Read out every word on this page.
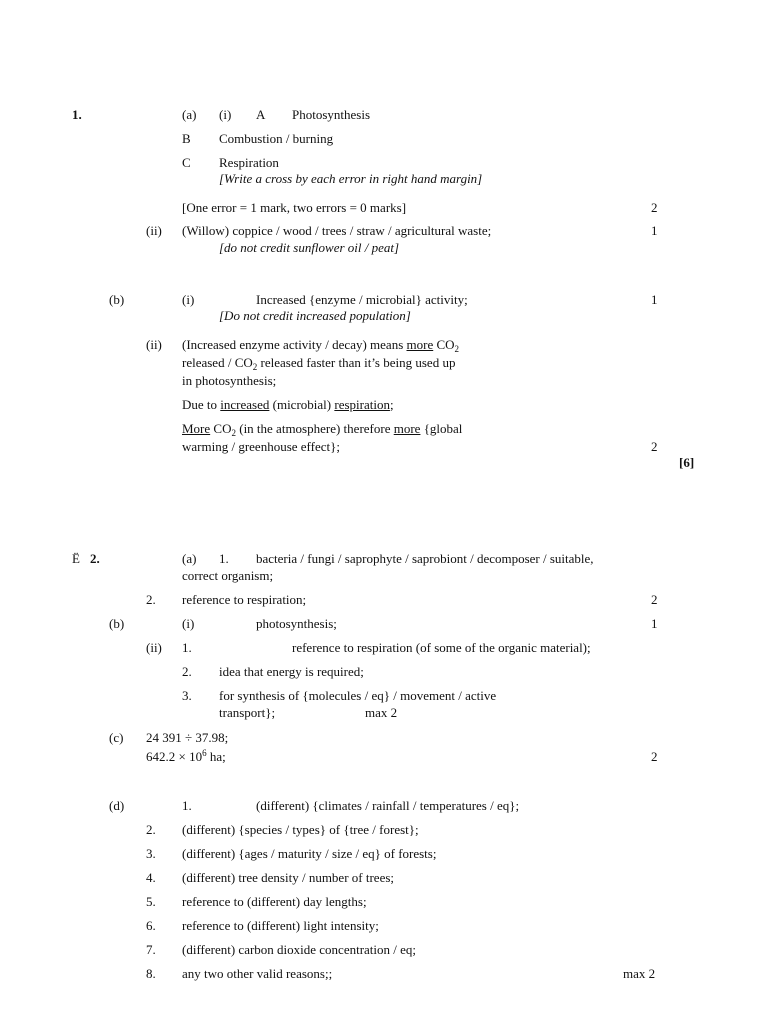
1.	(a) (i) A Photosynthesis
B Combustion / burning
C Respiration
[Write a cross by each error in right hand margin]
[One error = 1 mark, two errors = 0 marks]	2
(ii) (Willow) coppice / wood / trees / straw / agricultural waste;	1
[do not credit sunflower oil / peat]
(b)	(i)	Increased {enzyme / microbial} activity;	1
[Do not credit increased population]
(ii) (Increased enzyme activity / decay) means more $CO_2$
released / $CO_2$ released faster than it’s being used up
in photosynthesis;
Due to increased (microbial) respiration;
More $CO_2$ (in the atmosphere) therefore more {global
warming / greenhouse effect};	2
[6]
Ë 2.	(a) 1. bacteria / fungi / saprophyte / saprobiont / decomposer / suitable,
correct organism;
2. reference to respiration;	2
(b)	(i)	photosynthesis;	1
(ii) 1.	reference to respiration (of some of the organic material);
2. idea that energy is required;
3. for synthesis of {molecules / eq} / movement / active
transport};	max 2
(c) 24 391 ÷ 37.98;
$642.2 \times 10^6$ ha;	2
(d)	1.	(different) {climates / rainfall / temperatures / eq};
2. (different) {species / types} of {tree / forest};
3. (different) {ages / maturity / size / eq} of forests;
4. (different) tree density / number of trees;
5. reference to (different) day lengths;
6. reference to (different) light intensity;
7. (different) carbon dioxide concentration / eq;
8. any two other valid reasons;;	max 2
